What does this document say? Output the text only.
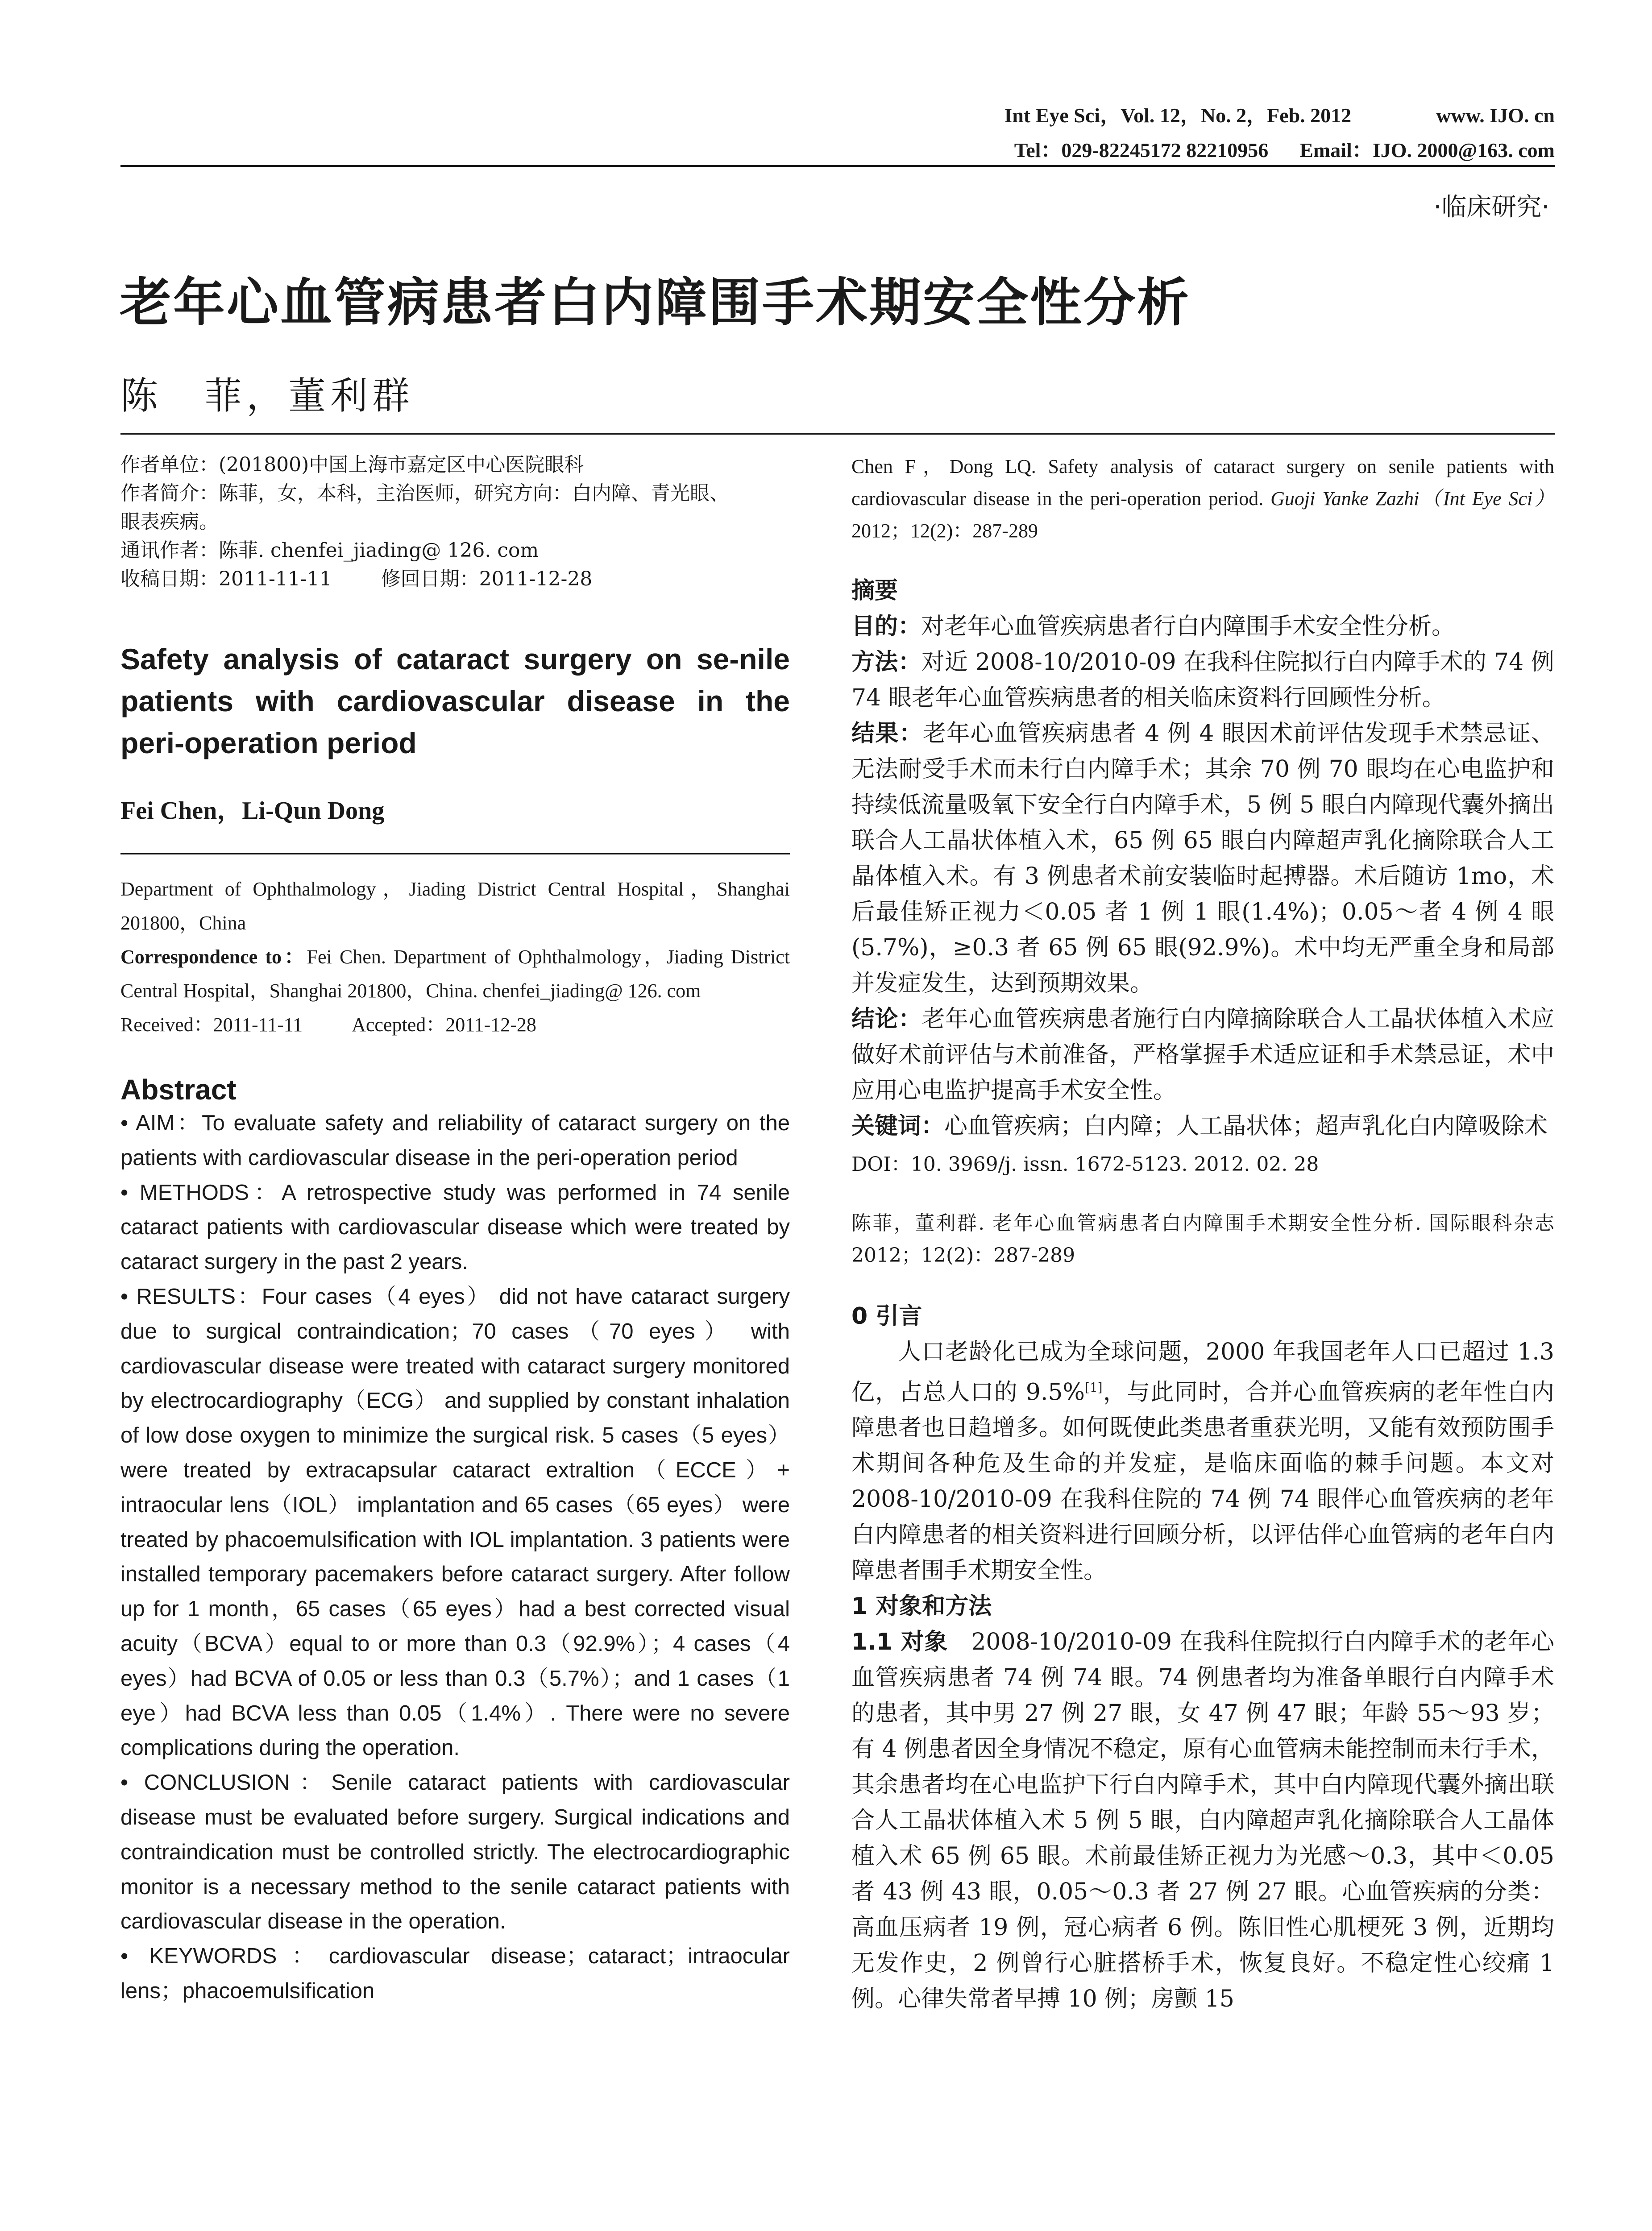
Int Eye Sci，Vol. 12，No. 2，Feb. 2012	www. IJO. cn
Tel：029-82245172 82210956 Email：IJO. 2000@163. com
·临床研究·
老年心血管病患者白内障围手术期安全性分析
陈　菲，董利群
作者单位：(201800)中国上海市嘉定区中心医院眼科
作者简介：陈菲，女，本科，主治医师，研究方向：白内障、青光眼、
眼表疾病。
通讯作者：陈菲. chenfei_jiading@ 126. com
收稿日期：2011-11-11	修回日期：2011-12-28
Safety analysis of cataract surgery on se-nile patients with cardiovascular disease in the peri-operation period
Fei Chen，Li-Qun Dong
Department of Ophthalmology，Jiading District Central Hospital，Shanghai 201800，China
Correspondence to：Fei Chen. Department of Ophthalmology，Jiading District Central Hospital，Shanghai 201800，China. chenfei_jiading@ 126. com
Received：2011-11-11	Accepted：2011-12-28
Abstract
• AIM：To evaluate safety and reliability of cataract surgery on the patients with cardiovascular disease in the peri-operation period
• METHODS：A retrospective study was performed in 74 senile cataract patients with cardiovascular disease which were treated by cataract surgery in the past 2 years.
• RESULTS：Four cases（4 eyes） did not have cataract surgery due to surgical contraindication；70 cases（70 eyes） with cardiovascular disease were treated with cataract surgery monitored by electrocardiography（ECG） and supplied by constant inhalation of low dose oxygen to minimize the surgical risk. 5 cases（5 eyes） were treated by extracapsular cataract extraltion（ECCE）+ intraocular lens（IOL） implantation and 65 cases（65 eyes） were treated by phacoemulsification with IOL implantation. 3 patients were installed temporary pacemakers before cataract surgery. After follow up for 1 month，65 cases（65 eyes）had a best corrected visual acuity（BCVA）equal to or more than 0.3（92.9%）；4 cases（4 eyes）had BCVA of 0.05 or less than 0.3（5.7%）；and 1 cases（1 eye）had BCVA less than 0.05（1.4%）. There were no severe complications during the operation.
• CONCLUSION：Senile cataract patients with cardiovascular disease must be evaluated before surgery. Surgical indications and contraindication must be controlled strictly. The electrocardiographic monitor is a necessary method to the senile cataract patients with cardiovascular disease in the operation.
• KEYWORDS：cardiovascular disease；cataract；intraocular lens；phacoemulsification
Chen F，Dong LQ. Safety analysis of cataract surgery on senile patients with cardiovascular disease in the peri-operation period. Guoji Yanke Zazhi（Int Eye Sci） 2012；12(2)：287-289
摘要
目的：对老年心血管疾病患者行白内障围手术安全性分析。
方法：对近 2008-10/2010-09 在我科住院拟行白内障手术的 74 例 74 眼老年心血管疾病患者的相关临床资料行回顾性分析。
结果：老年心血管疾病患者 4 例 4 眼因术前评估发现手术禁忌证、无法耐受手术而未行白内障手术；其余 70 例 70 眼均在心电监护和持续低流量吸氧下安全行白内障手术，5 例 5 眼白内障现代囊外摘出联合人工晶状体植入术，65 例 65 眼白内障超声乳化摘除联合人工晶体植入术。有 3 例患者术前安装临时起搏器。术后随访 1mo，术后最佳矫正视力＜0.05 者 1 例 1 眼(1.4%)；0.05～者 4 例 4 眼(5.7%)，≥0.3 者 65 例 65 眼(92.9%)。术中均无严重全身和局部并发症发生，达到预期效果。
结论：老年心血管疾病患者施行白内障摘除联合人工晶状体植入术应做好术前评估与术前准备，严格掌握手术适应证和手术禁忌证，术中应用心电监护提高手术安全性。
关键词：心血管疾病；白内障；人工晶状体；超声乳化白内障吸除术
DOI：10. 3969/j. issn. 1672-5123. 2012. 02. 28
陈菲，董利群. 老年心血管病患者白内障围手术期安全性分析. 国际眼科杂志 2012；12(2)：287-289
0 引言
人口老龄化已成为全球问题，2000 年我国老年人口已超过 1.3 亿，占总人口的 9.5%[1]，与此同时，合并心血管疾病的老年性白内障患者也日趋增多。如何既使此类患者重获光明，又能有效预防围手术期间各种危及生命的并发症，是临床面临的棘手问题。本文对 2008-10/2010-09 在我科住院的 74 例 74 眼伴心血管疾病的老年白内障患者的相关资料进行回顾分析，以评估伴心血管病的老年白内障患者围手术期安全性。
1 对象和方法
1.1 对象　2008-10/2010-09 在我科住院拟行白内障手术的老年心血管疾病患者 74 例 74 眼。74 例患者均为准备单眼行白内障手术的患者，其中男 27 例 27 眼，女 47 例 47 眼；年龄 55～93 岁；有 4 例患者因全身情况不稳定，原有心血管病未能控制而未行手术，其余患者均在心电监护下行白内障手术，其中白内障现代囊外摘出联合人工晶状体植入术 5 例 5 眼，白内障超声乳化摘除联合人工晶体植入术 65 例 65 眼。术前最佳矫正视力为光感～0.3，其中＜0.05 者 43 例 43 眼，0.05～0.3 者 27 例 27 眼。心血管疾病的分类：高血压病者 19 例，冠心病者 6 例。陈旧性心肌梗死 3 例，近期均无发作史，2 例曾行心脏搭桥手术，恢复良好。不稳定性心绞痛 1 例。心律失常者早搏 10 例；房颤 15
